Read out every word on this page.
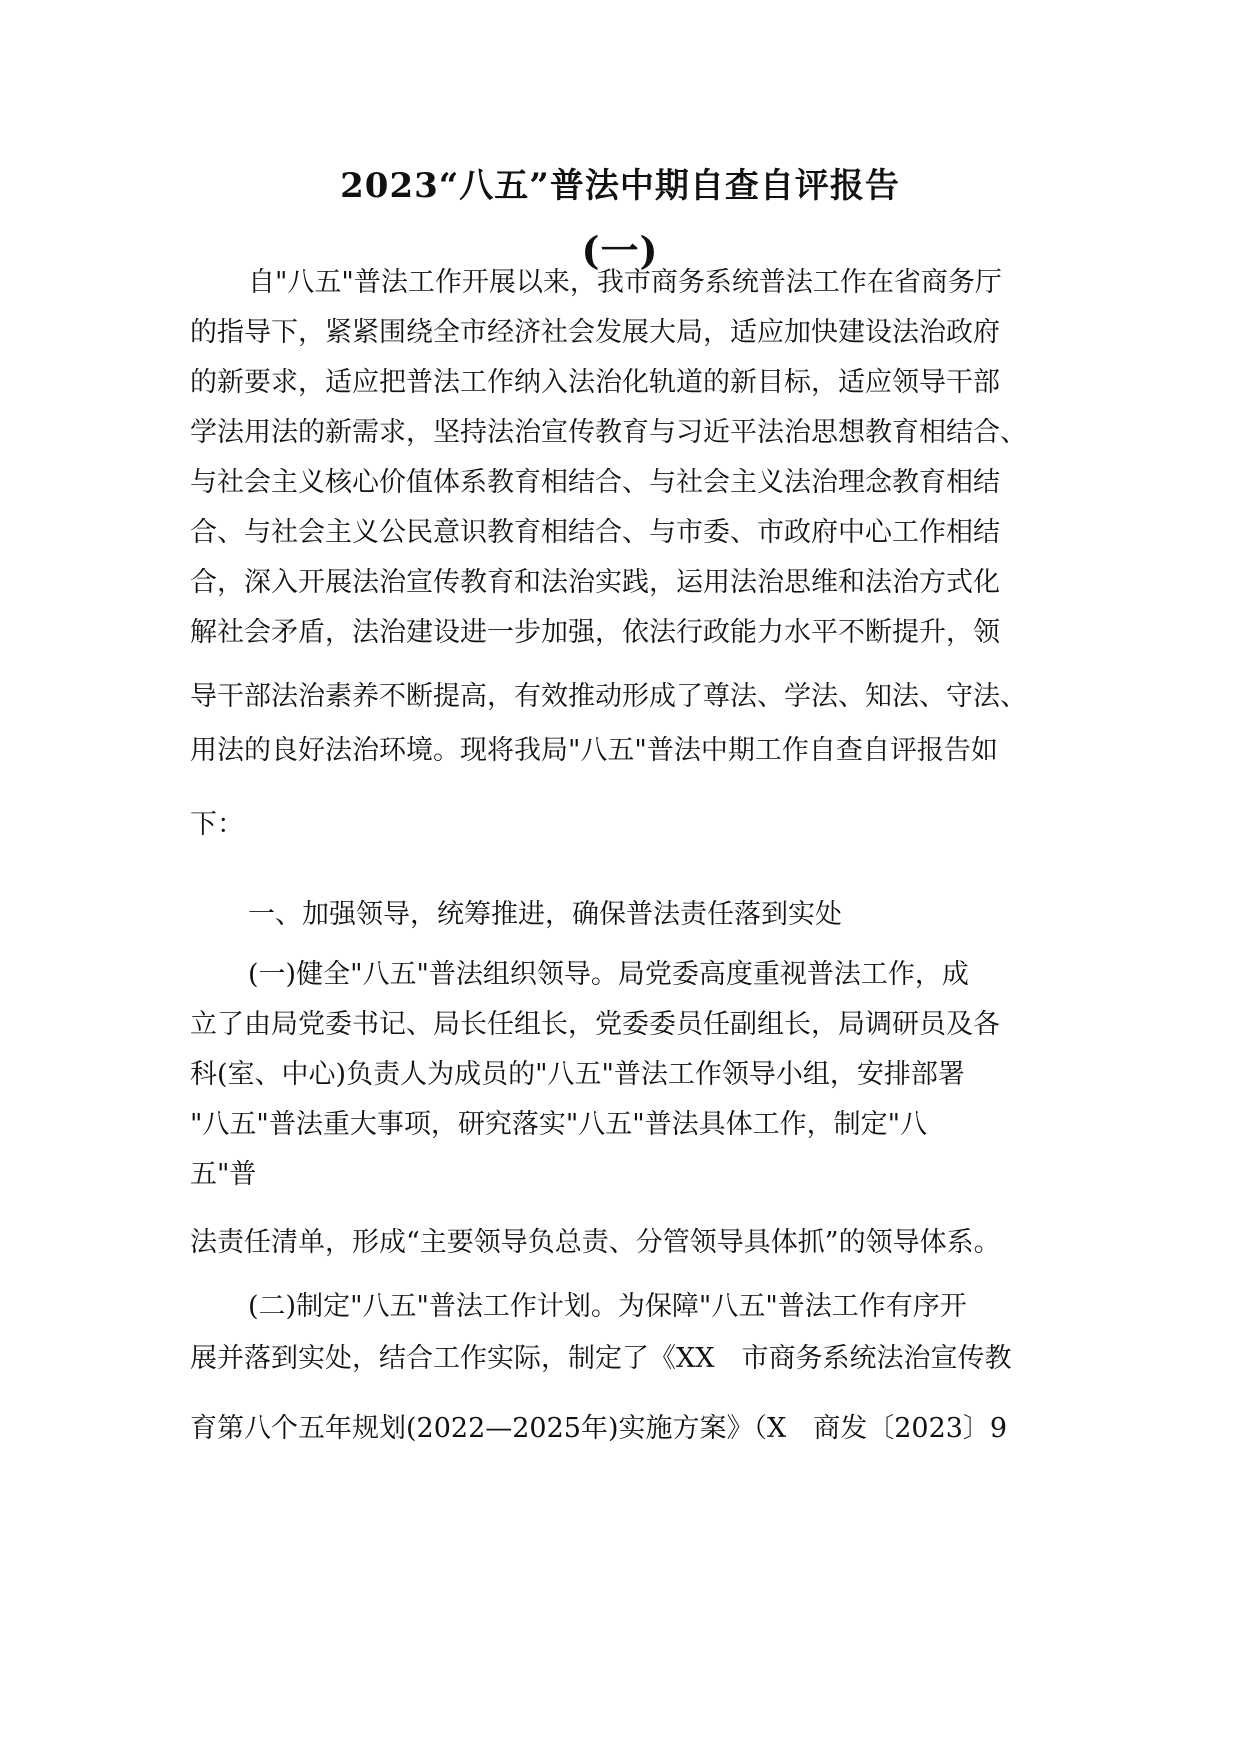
2023“八五”普法中期自查自评报告
(一)

自"八五"普法工作开展以来，我市商务系统普法工作在省商务厅

的指导下，紧紧围绕全市经济社会发展大局，适应加快建设法治政府

的新要求，适应把普法工作纳入法治化轨道的新目标，适应领导干部

学法用法的新需求，坚持法治宣传教育与习近平法治思想教育相结合、

与社会主义核心价值体系教育相结合、与社会主义法治理念教育相结

合、与社会主义公民意识教育相结合、与市委、市政府中心工作相结

合，深入开展法治宣传教育和法治实践，运用法治思维和法治方式化

解社会矛盾，法治建设进一步加强，依法行政能力水平不断提升，领

导干部法治素养不断提高，有效推动形成了尊法、学法、知法、守法、

用法的良好法治环境。现将我局"八五"普法中期工作自查自评报告如

下：

一、加强领导，统筹推进，确保普法责任落到实处

(一)健全"八五"普法组织领导。局党委高度重视普法工作，成

立了由局党委书记、局长任组长，党委委员任副组长，局调研员及各

科(室、中心)负责人为成员的"八五"普法工作领导小组，安排部署

"八五"普法重大事项，研究落实"八五"普法具体工作，制定"八

五"普

法责任清单，形成“主要领导负总责、分管领导具体抓”的领导体系。

(二)制定"八五"普法工作计划。为保障"八五"普法工作有序开

展并落到实处，结合工作实际，制定了《XX　市商务系统法治宣传教

育第八个五年规划(2022—2025年)实施方案》（X　商发〔2023〕9
